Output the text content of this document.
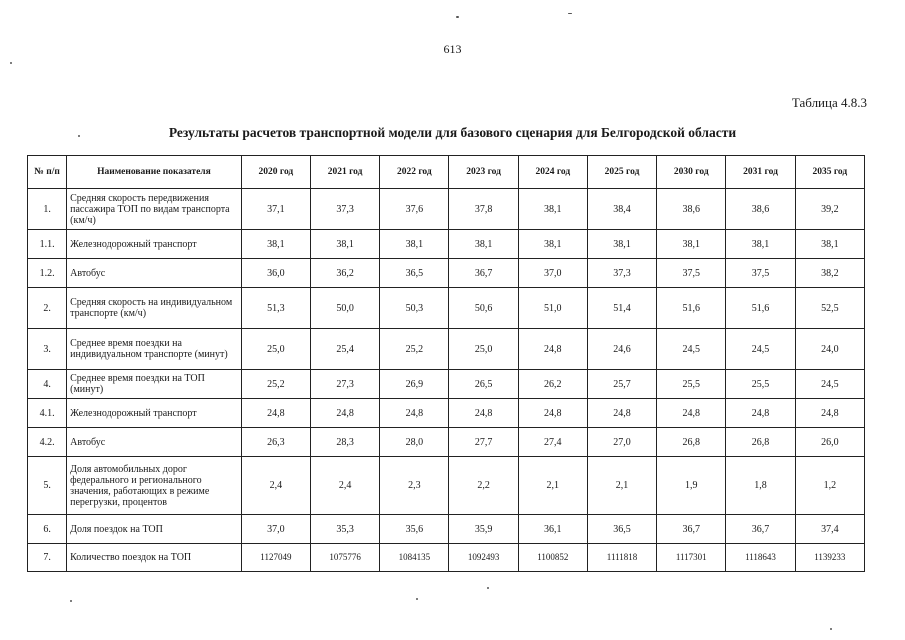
613
Таблица 4.8.3
Результаты расчетов транспортной модели для базового сценария для Белгородской области
№ п/п	Наименование показателя	2020 год	2021 год	2022 год	2023 год	2024 год	2025 год	2030 год	2031 год	2035 год
1.	Средняя скорость передвижения пассажира ТОП по видам транспорта (км/ч)	37,1	37,3	37,6	37,8	38,1	38,4	38,6	38,6	39,2
1.1.	Железнодорожный транспорт	38,1	38,1	38,1	38,1	38,1	38,1	38,1	38,1	38,1
1.2.	Автобус	36,0	36,2	36,5	36,7	37,0	37,3	37,5	37,5	38,2
2.	Средняя скорость на индивидуальном транспорте (км/ч)	51,3	50,0	50,3	50,6	51,0	51,4	51,6	51,6	52,5
3.	Среднее время поездки на индивидуальном транспорте (минут)	25,0	25,4	25,2	25,0	24,8	24,6	24,5	24,5	24,0
4.	Среднее время поездки на ТОП (минут)	25,2	27,3	26,9	26,5	26,2	25,7	25,5	25,5	24,5
4.1.	Железнодорожный транспорт	24,8	24,8	24,8	24,8	24,8	24,8	24,8	24,8	24,8
4.2.	Автобус	26,3	28,3	28,0	27,7	27,4	27,0	26,8	26,8	26,0
5.	Доля автомобильных дорог федерального и регионального значения, работающих в режиме перегрузки, процентов	2,4	2,4	2,3	2,2	2,1	2,1	1,9	1,8	1,2
6.	Доля поездок на ТОП	37,0	35,3	35,6	35,9	36,1	36,5	36,7	36,7	37,4
7.	Количество поездок на ТОП	1127049	1075776	1084135	1092493	1100852	1111818	1117301	1118643	1139233
